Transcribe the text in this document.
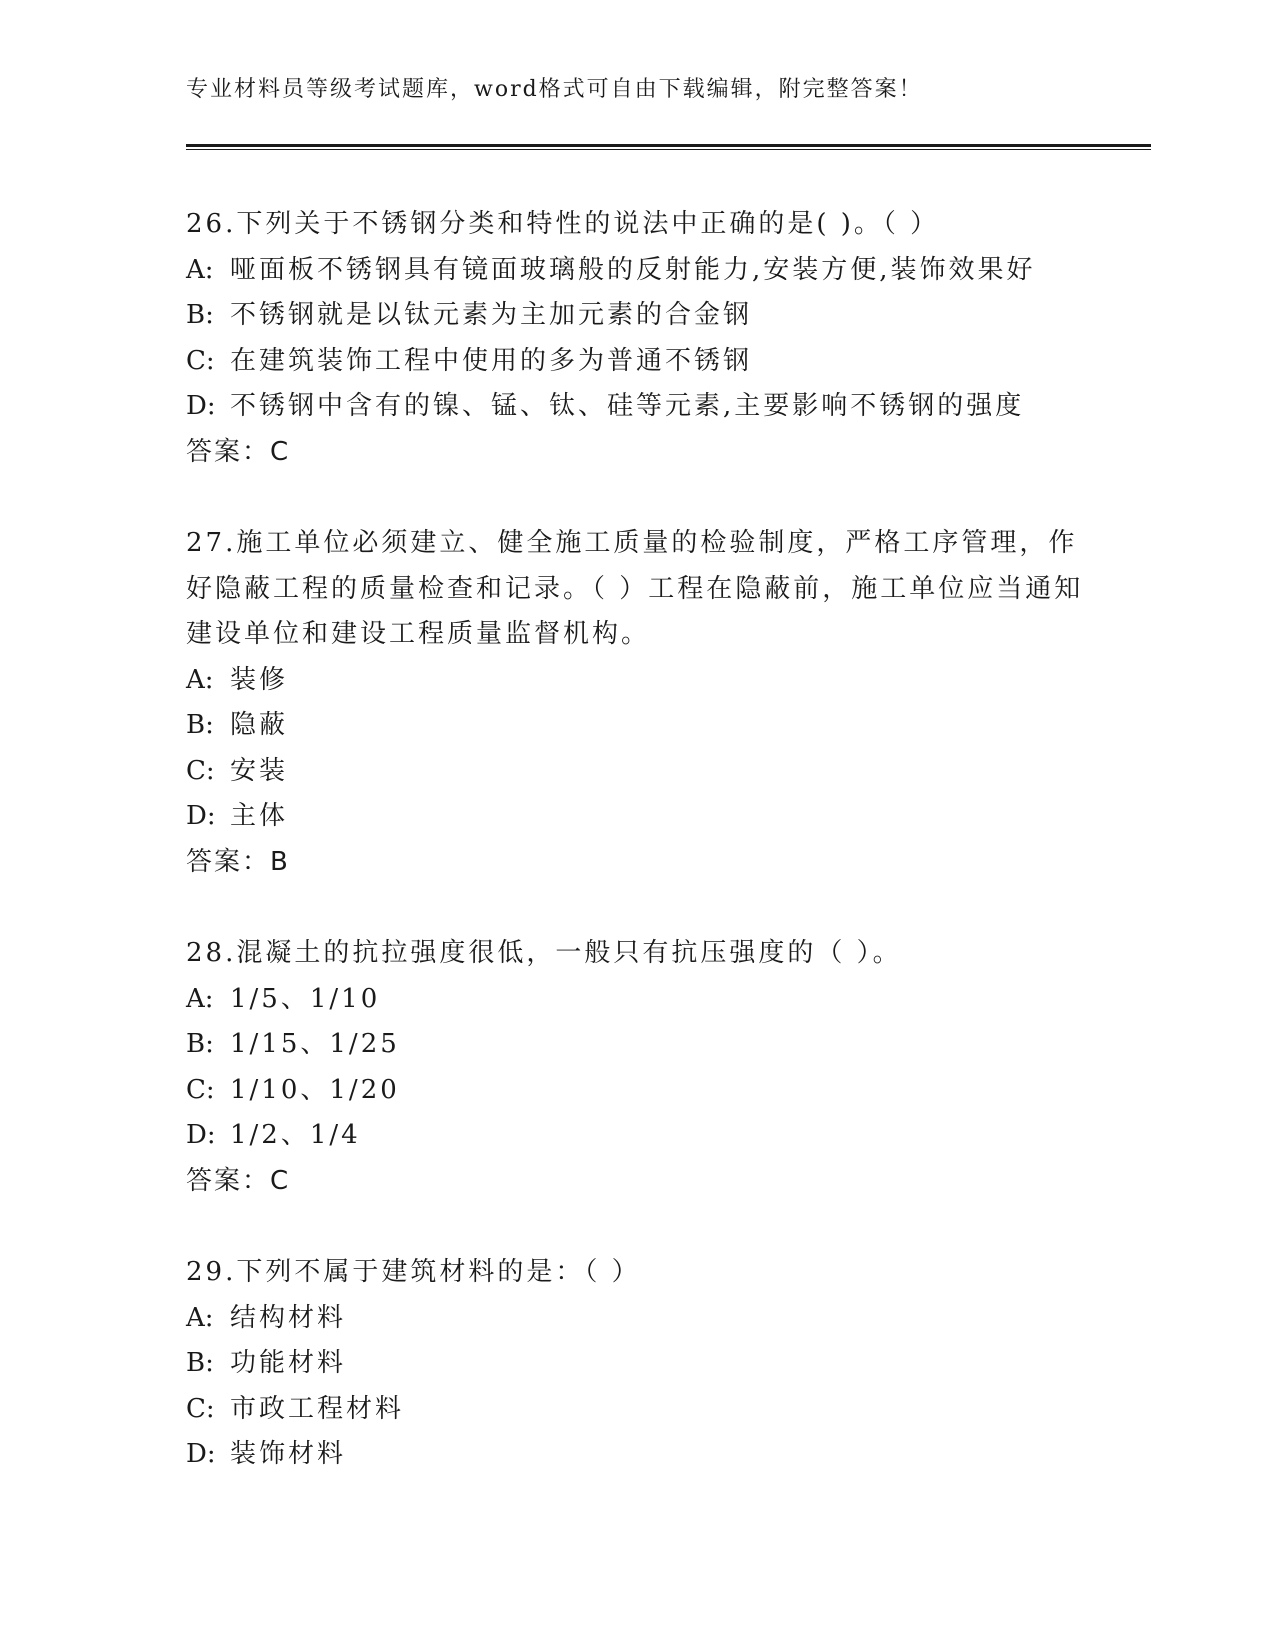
专业材料员等级考试题库，word格式可自由下载编辑，附完整答案！

26.下列关于不锈钢分类和特性的说法中正确的是( )。（ ）

A: 哑面板不锈钢具有镜面玻璃般的反射能力,安装方便,装饰效果好

B: 不锈钢就是以钛元素为主加元素的合金钢

C: 在建筑装饰工程中使用的多为普通不锈钢

D: 不锈钢中含有的镍、锰、钛、硅等元素,主要影响不锈钢的强度

答案：C

27.施工单位必须建立、健全施工质量的检验制度，严格工序管理，作好隐蔽工程的质量检查和记录。（ ）工程在隐蔽前，施工单位应当通知建设单位和建设工程质量监督机构。

A: 装修

B: 隐蔽

C: 安装

D: 主体

答案：B

28.混凝土的抗拉强度很低，一般只有抗压强度的（ ）。

A: 1/5、1/10

B: 1/15、1/25

C: 1/10、1/20

D: 1/2、1/4

答案：C

29.下列不属于建筑材料的是：（ ）

A: 结构材料

B: 功能材料

C: 市政工程材料

D: 装饰材料
